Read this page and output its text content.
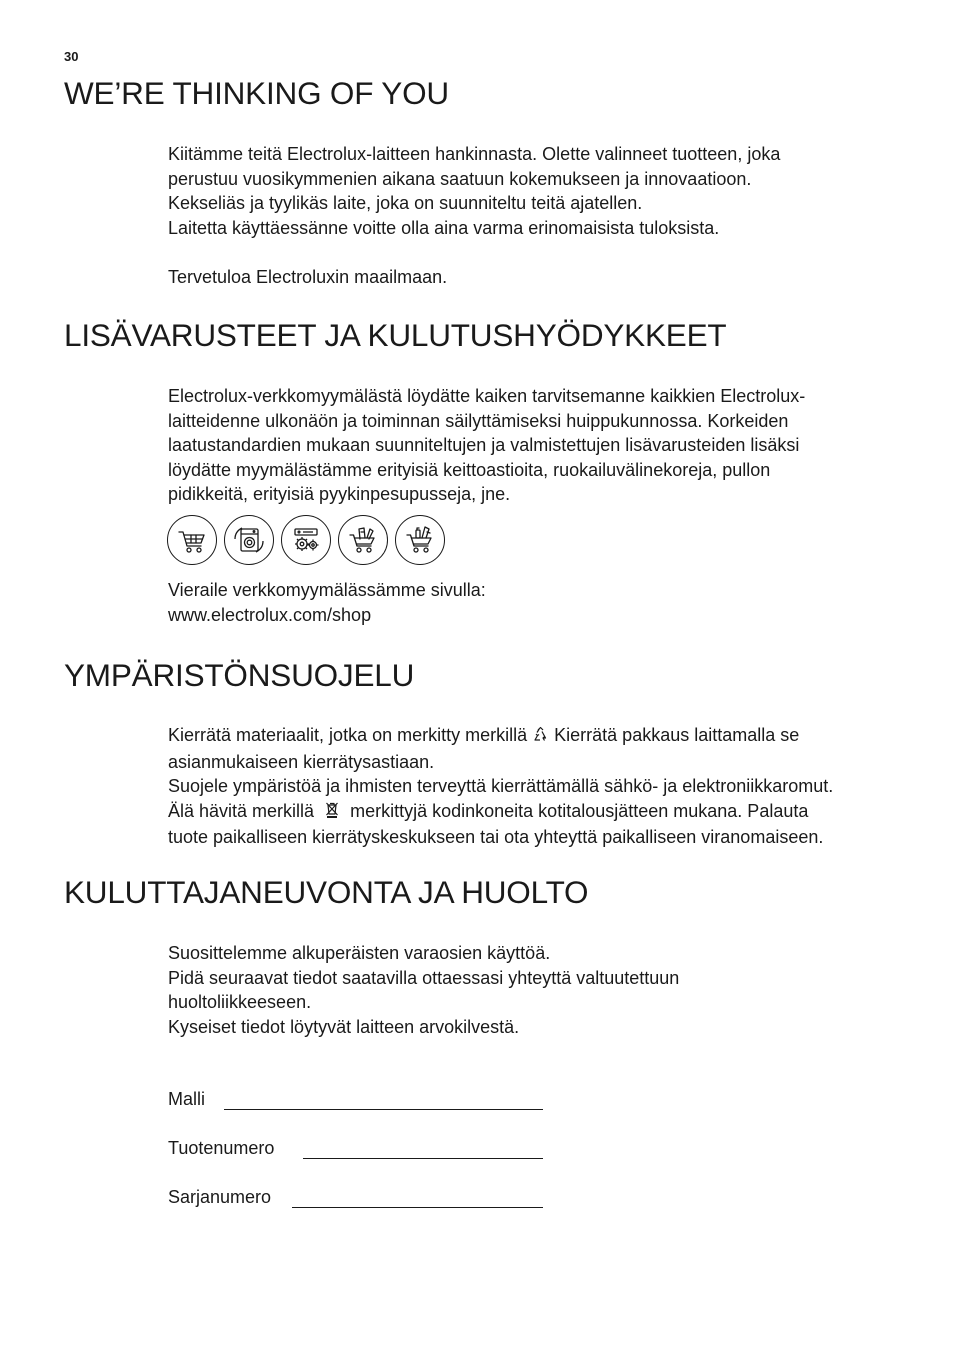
30
WE’RE THINKING OF YOU
Kiitämme teitä Electrolux-laitteen hankinnasta. Olette valinneet tuotteen, joka
perustuu vuosikymmenien aikana saatuun kokemukseen ja innovaatioon.
Kekseliäs ja tyylikäs laite, joka on suunniteltu teitä ajatellen.
Laitetta käyttäessänne voitte olla aina varma erinomaisista tuloksista.
Tervetuloa Electroluxin maailmaan.
LISÄVARUSTEET JA KULUTUSHYÖDYKKEET
Electrolux-verkkomyymälästä löydätte kaiken tarvitsemanne kaikkien Electrolux-
laitteidenne ulkonäön ja toiminnan säilyttämiseksi huippukunnossa. Korkeiden
laatustandardien mukaan suunniteltujen ja valmistettujen lisävarusteiden lisäksi
löydätte myymälästämme erityisiä keittoastioita, ruokailuvälinekoreja, pullon
pidikkeitä, erityisiä pyykinpesupusseja, jne.
Vieraile verkkomyymälässämme sivulla:
www.electrolux.com/shop
YMPÄRISTÖNSUOJELU
Kierrätä materiaalit, jotka on merkitty merkillä Kierrätä pakkaus laittamalla se
asianmukaiseen kierrätysastiaan.
Suojele ympäristöä ja ihmisten terveyttä kierrättämällä sähkö- ja elektroniikkaromut.
Älä hävitä merkillä merkittyjä kodinkoneita kotitalousjätteen mukana. Palauta
tuote paikalliseen kierrätyskeskukseen tai ota yhteyttä paikalliseen viranomaiseen.
KULUTTAJANEUVONTA JA HUOLTO
Suosittelemme alkuperäisten varaosien käyttöä.
Pidä seuraavat tiedot saatavilla ottaessasi yhteyttä valtuutettuun
huoltoliikkeeseen.
Kyseiset tiedot löytyvät laitteen arvokilvestä.
Malli
Tuotenumero
Sarjanumero
